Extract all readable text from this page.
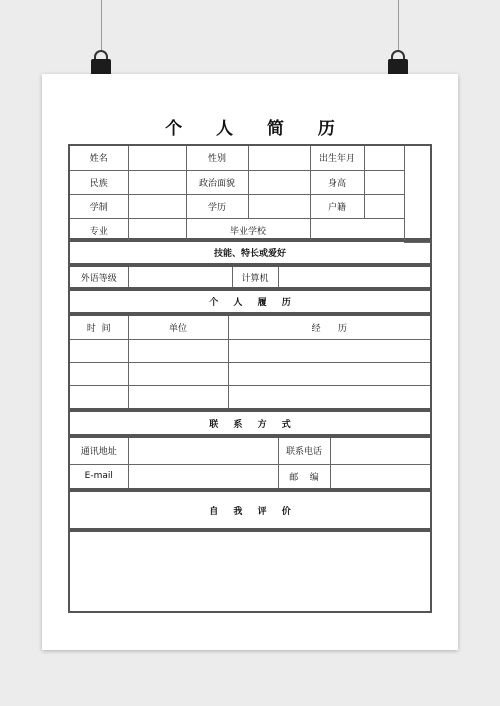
个 人 简 历
姓名		性别		出生年月		
民族		政治面貌		身高		
学制		学历		户籍		
专业		毕业学校				
技能、特长或爱好
外语等级		计算机	
个 人 履 历
时  间	单位	经      历

联 系 方 式
通讯地址		联系电话	
E-mail		邮    编	
自 我 评 价
